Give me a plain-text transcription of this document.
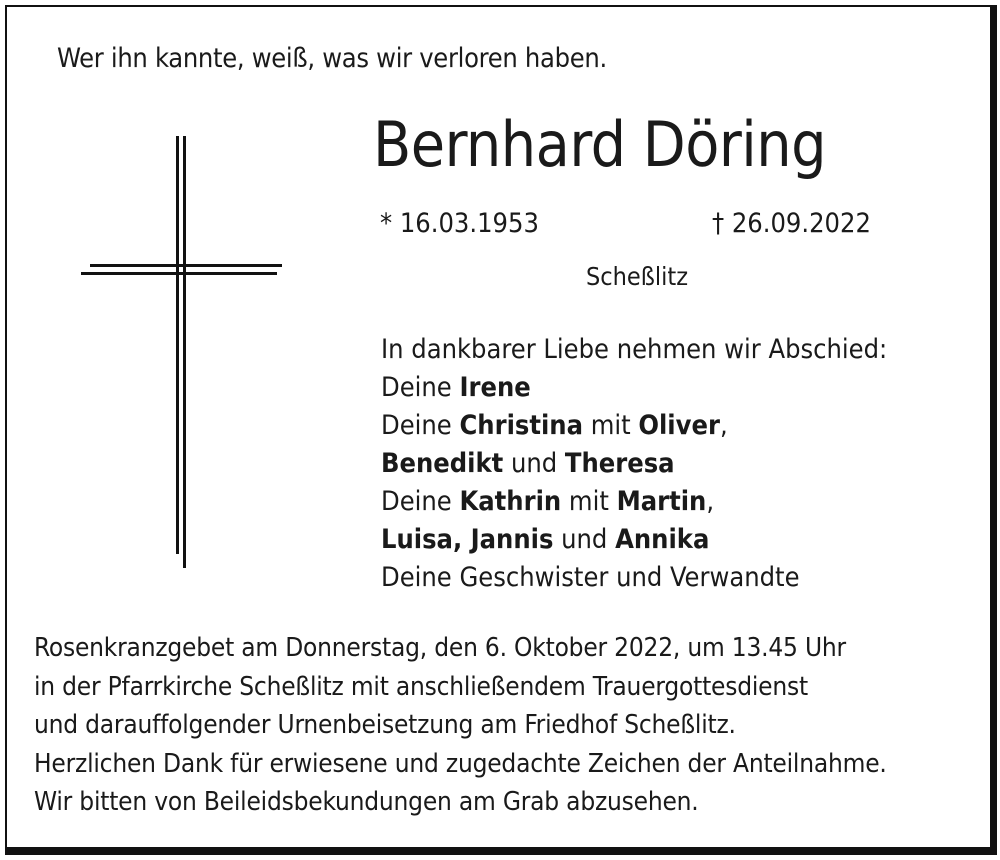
Wer ihn kannte, weiß, was wir verloren haben.
Bernhard Döring
* 16.03.1953	† 26.09.2022
Scheßlitz
In dankbarer Liebe nehmen wir Abschied:
Deine Irene
Deine Christina mit Oliver,
Benedikt und Theresa
Deine Kathrin mit Martin,
Luisa, Jannis und Annika
Deine Geschwister und Verwandte
Rosenkranzgebet am Donnerstag, den 6. Oktober 2022, um 13.45 Uhr
in der Pfarrkirche Scheßlitz mit anschließendem Trauergottesdienst
und darauffolgender Urnenbeisetzung am Friedhof Scheßlitz.
Herzlichen Dank für erwiesene und zugedachte Zeichen der Anteilnahme.
Wir bitten von Beileidsbekundungen am Grab abzusehen.
